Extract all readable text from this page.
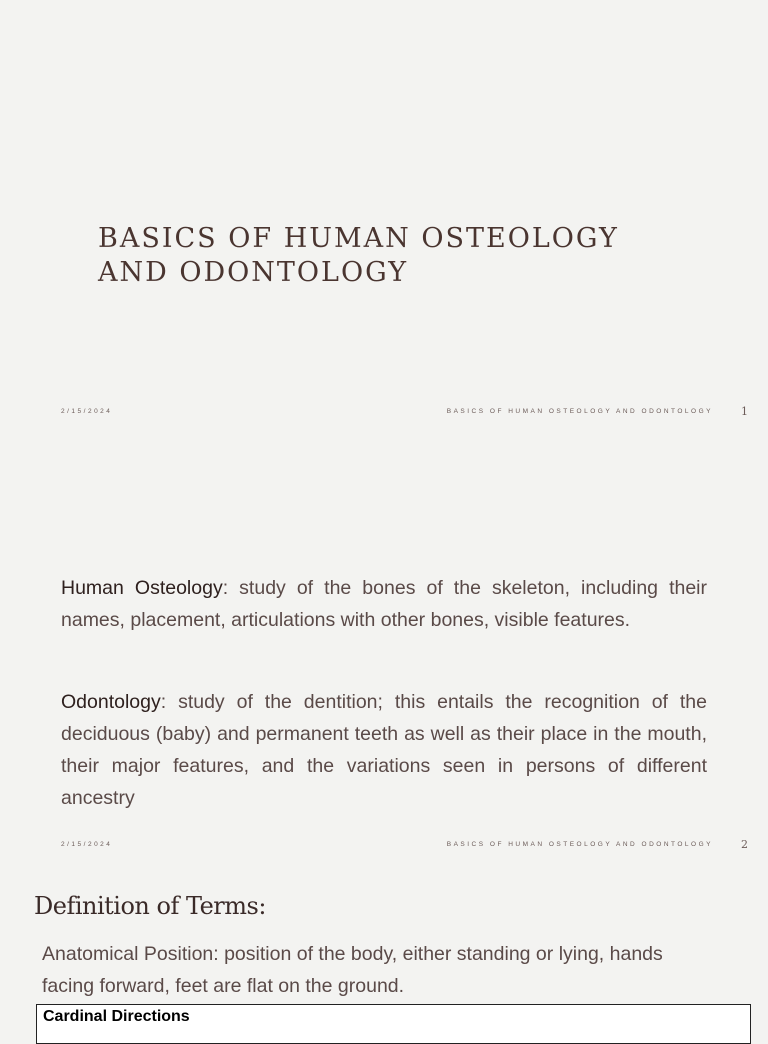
BASICS OF HUMAN OSTEOLOGY
AND ODONTOLOGY
2/15/2024	BASICS OF HUMAN OSTEOLOGY AND ODONTOLOGY	1

Human Osteology: study of the bones of the skeleton, including their names, placement, articulations with other bones, visible features.

Odontology: study of the dentition; this entails the recognition of the deciduous (baby) and permanent teeth as well as their place in the mouth, their major features, and the variations seen in persons of different ancestry

2/15/2024	BASICS OF HUMAN OSTEOLOGY AND ODONTOLOGY	2
Definition of Terms:

Anatomical Position: position of the body, either standing or lying, hands facing forward, feet are flat on the ground.

Cardinal Directions
